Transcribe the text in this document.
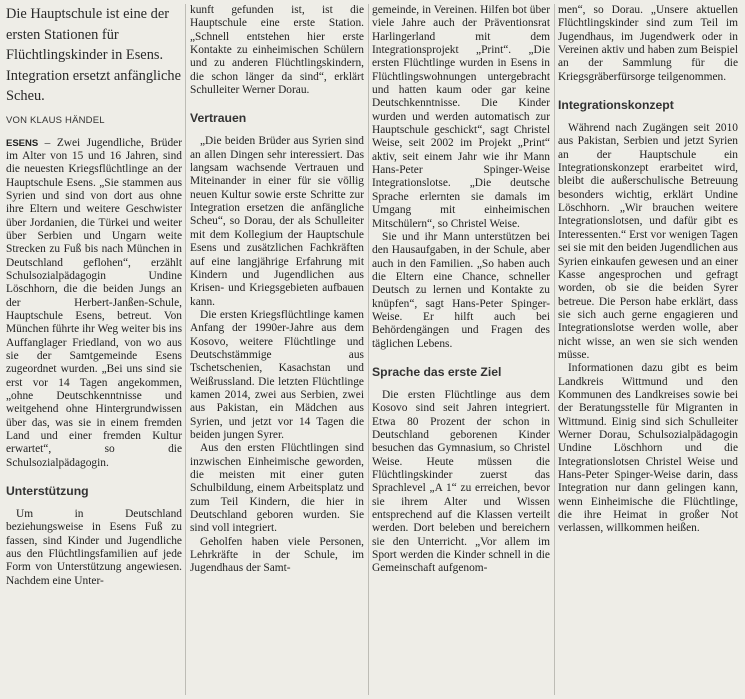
Die Hauptschule ist eine der ersten Stationen für Flüchtlingskinder in Esens. Integration ersetzt anfängliche Scheu.

VON KLAUS HÄNDEL

ESENS – Zwei Jugendliche, Brüder im Alter von 15 und 16 Jahren, sind die neuesten Kriegsflüchtlinge an der Hauptschule Esens. „Sie stammen aus Syrien und sind von dort aus ohne ihre Eltern und weitere Geschwister über Jordanien, die Türkei und weiter über Serbien und Ungarn weite Strecken zu Fuß bis nach München in Deutschland geflohen“, erzählt Schulsozialpädagogin Undine Löschhorn, die die beiden Jungs an der Herbert-Janßen-Schule, Hauptschule Esens, betreut. Von München führte ihr Weg weiter bis ins Auffanglager Friedland, von wo aus sie der Samtgemeinde Esens zugeordnet wurden. „Bei uns sind sie erst vor 14 Tagen angekommen, „ohne Deutschkenntnisse und weitgehend ohne Hintergrundwissen über das, was sie in einem fremden Land und einer fremden Kultur erwartet“, so die Schulsozialpädagogin.

Unterstützung

Um in Deutschland beziehungsweise in Esens Fuß zu fassen, sind Kinder und Jugendliche aus den Flüchtlingsfamilien auf jede Form von Unterstützung angewiesen. Nachdem eine Unter-

kunft gefunden ist, ist die Hauptschule eine erste Station. „Schnell entstehen hier erste Kontakte zu einheimischen Schülern und zu anderen Flüchtlingskindern, die schon länger da sind“, erklärt Schulleiter Werner Dorau.

Vertrauen

„Die beiden Brüder aus Syrien sind an allen Dingen sehr interessiert. Das langsam wachsende Vertrauen und Miteinander in einer für sie völlig neuen Kultur sowie erste Schritte zur Integration ersetzen die anfängliche Scheu“, so Dorau, der als Schulleiter mit dem Kollegium der Hauptschule Esens und zusätzlichen Fachkräften auf eine langjährige Erfahrung mit Kindern und Jugendlichen aus Krisen- und Kriegsgebieten aufbauen kann.

Die ersten Kriegsflüchtlinge kamen Anfang der 1990er-Jahre aus dem Kosovo, weitere Flüchtlinge und Deutschstämmige aus Tschetschenien, Kasachstan und Weißrussland. Die letzten Flüchtlinge kamen 2014, zwei aus Serbien, zwei aus Pakistan, ein Mädchen aus Syrien, und jetzt vor 14 Tagen die beiden jungen Syrer.

Aus den ersten Flüchtlingen sind inzwischen Einheimische geworden, die meisten mit einer guten Schulbildung, einem Arbeitsplatz und zum Teil Kindern, die hier in Deutschland geboren wurden. Sie sind voll integriert.

Geholfen haben viele Personen, Lehrkräfte in der Schule, im Jugendhaus der Samt-

gemeinde, in Vereinen. Hilfen bot über viele Jahre auch der Präventionsrat Harlingerland mit dem Integrationsprojekt „Print“. „Die ersten Flüchtlinge wurden in Esens in Flüchtlingswohnungen untergebracht und hatten kaum oder gar keine Deutschkenntnisse. Die Kinder wurden und werden automatisch zur Hauptschule geschickt“, sagt Christel Weise, seit 2002 im Projekt „Print“ aktiv, seit einem Jahr wie ihr Mann Hans-Peter Spinger-Weise Integrationslotse. „Die deutsche Sprache erlernten sie damals im Umgang mit einheimischen Mitschülern“, so Christel Weise.

Sie und ihr Mann unterstützen bei den Hausaufgaben, in der Schule, aber auch in den Familien. „So haben auch die Eltern eine Chance, schneller Deutsch zu lernen und Kontakte zu knüpfen“, sagt Hans-Peter Spinger-Weise. Er hilft auch bei Behördengängen und Fragen des täglichen Lebens.

Sprache das erste Ziel

Die ersten Flüchtlinge aus dem Kosovo sind seit Jahren integriert. Etwa 80 Prozent der schon in Deutschland geborenen Kinder besuchen das Gymnasium, so Christel Weise. Heute müssen die Flüchtlingskinder zuerst das Sprachlevel „A 1“ zu erreichen, bevor sie ihrem Alter und Wissen entsprechend auf die Klassen verteilt werden. Dort beleben und bereichern sie den Unterricht. „Vor allem im Sport werden die Kinder schnell in die Gemeinschaft aufgenom-

men“, so Dorau. „Unsere aktuellen Flüchtlingskinder sind zum Teil im Jugendhaus, im Jugendwerk oder in Vereinen aktiv und haben zum Beispiel an der Sammlung für die Kriegsgräberfürsorge teilgenommen.

Integrationskonzept

Während nach Zugängen seit 2010 aus Pakistan, Serbien und jetzt Syrien an der Hauptschule ein Integrationskonzept erarbeitet wird, bleibt die außerschulische Betreuung besonders wichtig, erklärt Undine Löschhorn. „Wir brauchen weitere Integrationslotsen, und dafür gibt es Interessenten.“ Erst vor wenigen Tagen sei sie mit den beiden Jugendlichen aus Syrien einkaufen gewesen und an einer Kasse angesprochen und gefragt worden, ob sie die beiden Syrer betreue. Die Person habe erklärt, dass sie sich auch gerne engagieren und Integrationslotse werden wolle, aber nicht wisse, an wen sie sich wenden müsse.

Informationen dazu gibt es beim Landkreis Wittmund und den Kommunen des Landkreises sowie bei der Beratungsstelle für Migranten in Wittmund. Einig sind sich Schulleiter Werner Dorau, Schulsozialpädagogin Undine Löschhorn und die Integrationslotsen Christel Weise und Hans-Peter Spinger-Weise darin, dass Integration nur dann gelingen kann, wenn Einheimische die Flüchtlinge, die ihre Heimat in großer Not verlassen, willkommen heißen.
